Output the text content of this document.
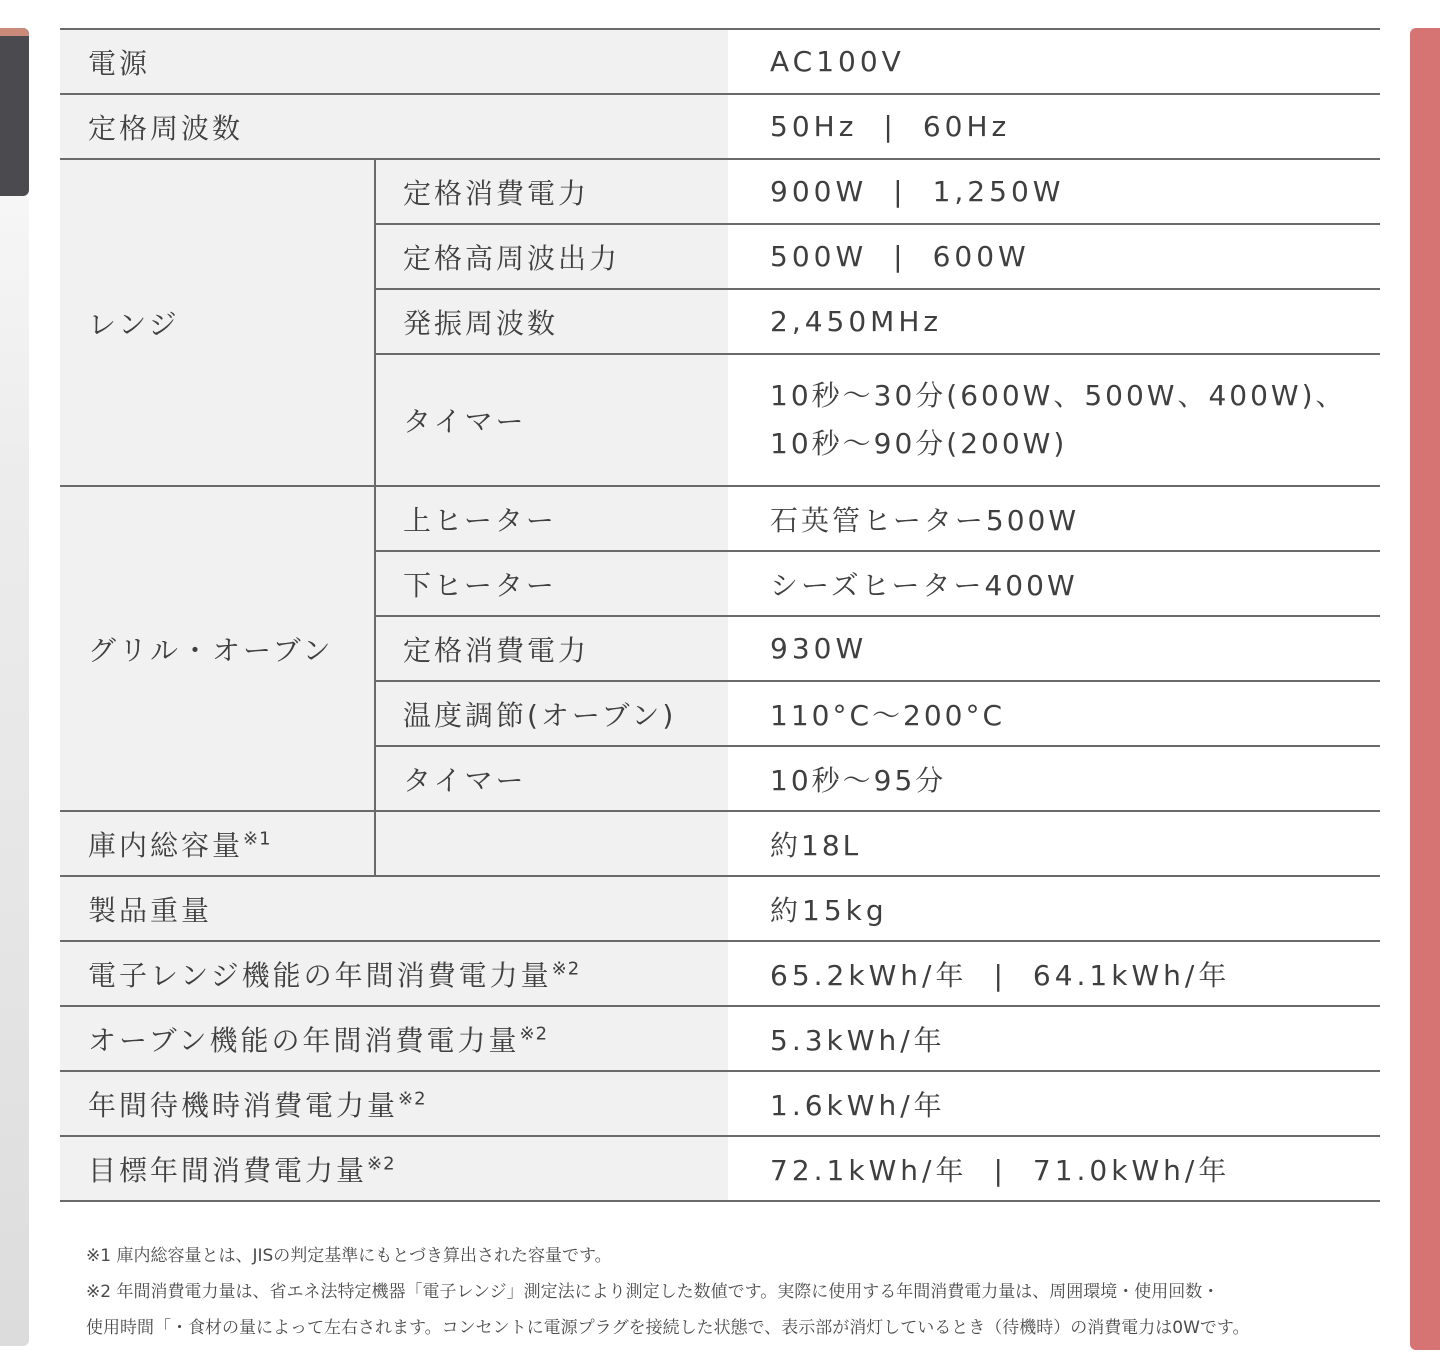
電源		AC100V
定格周波数		50Hz | 60Hz
レンジ	定格消費電力	900W | 1,250W
	定格高周波出力	500W | 600W
	発振周波数	2,450MHz
	タイマー	10秒〜30分(600W、500W、400W)、
10秒〜90分(200W)

グリル・オーブン	上ヒーター	石英管ヒーター500W
	下ヒーター	シーズヒーター400W
	定格消費電力	930W
	温度調節(オーブン)	110°C〜200°C
	タイマー	10秒〜95分
庫内総容量$^{※1}$		約18L
製品重量		約15kg
電子レンジ機能の年間消費電力量$^{※2}$		65.2kWh/年 | 64.1kWh/年
オーブン機能の年間消費電力量$^{※2}$		5.3kWh/年
年間待機時消費電力量$^{※2}$		1.6kWh/年
目標年間消費電力量$^{※2}$		72.1kWh/年 | 71.0kWh/年
※1 庫内総容量とは、JISの判定基準にもとづき算出された容量です。
※2 年間消費電力量は、省エネ法特定機器「電子レンジ」測定法により測定した数値です。実際に使用する年間消費電力量は、周囲環境・使用回数・
使用時間「・食材の量によって左右されます。コンセントに電源プラグを接続した状態で、表示部が消灯しているとき（待機時）の消費電力は0Wです。
